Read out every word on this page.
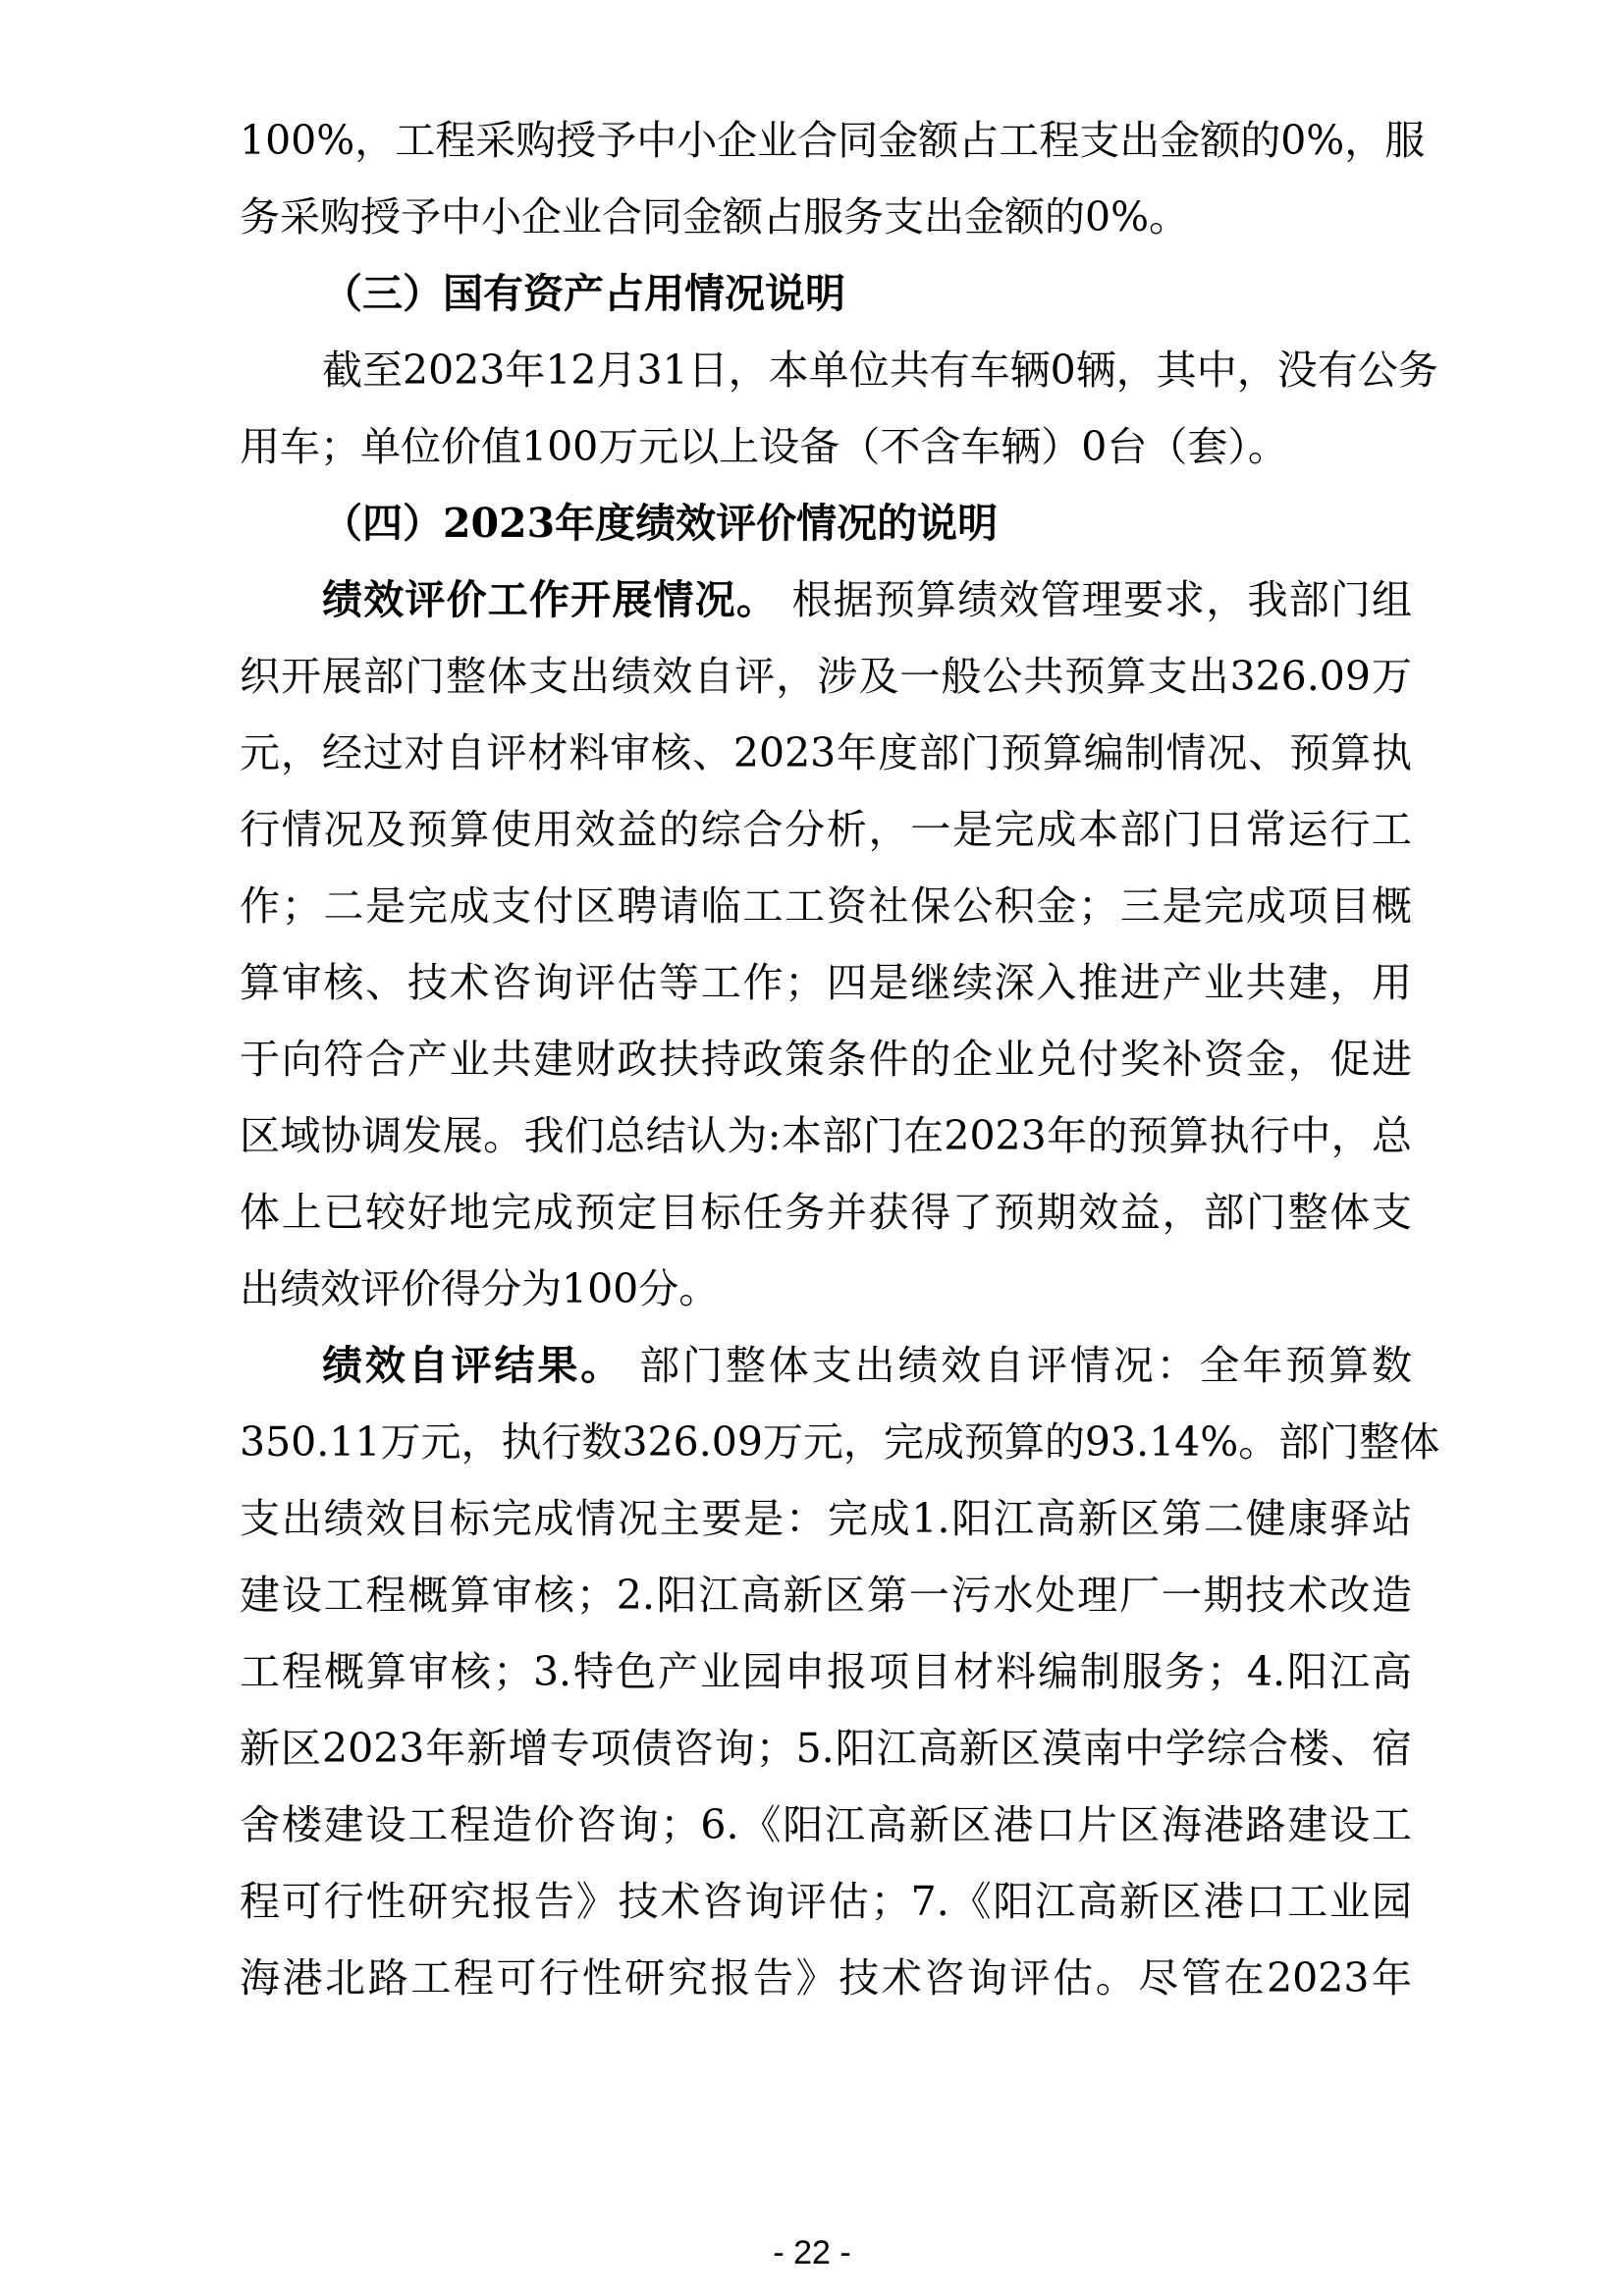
100%，工程采购授予中小企业合同金额占工程支出金额的0%，服
务采购授予中小企业合同金额占服务支出金额的0%。
（三）国有资产占用情况说明
截至2023年12月31日，本单位共有车辆0辆，其中，没有公务
用车；单位价值100万元以上设备（不含车辆）0台（套）。
（四）2023年度绩效评价情况的说明
绩效评价工作开展情况。 根据预算绩效管理要求，我部门组
织开展部门整体支出绩效自评，涉及一般公共预算支出326.09万
元，经过对自评材料审核、2023年度部门预算编制情况、预算执
行情况及预算使用效益的综合分析，一是完成本部门日常运行工
作；二是完成支付区聘请临工工资社保公积金；三是完成项目概
算审核、技术咨询评估等工作；四是继续深入推进产业共建，用
于向符合产业共建财政扶持政策条件的企业兑付奖补资金，促进
区域协调发展。我们总结认为:本部门在2023年的预算执行中，总
体上已较好地完成预定目标任务并获得了预期效益，部门整体支
出绩效评价得分为100分。
绩效自评结果。 部门整体支出绩效自评情况：全年预算数
350.11万元，执行数326.09万元，完成预算的93.14%。部门整体
支出绩效目标完成情况主要是：完成1.阳江高新区第二健康驿站
建设工程概算审核；2.阳江高新区第一污水处理厂一期技术改造
工程概算审核；3.特色产业园申报项目材料编制服务；4.阳江高
新区2023年新增专项债咨询；5.阳江高新区漠南中学综合楼、宿
舍楼建设工程造价咨询；6.《阳江高新区港口片区海港路建设工
程可行性研究报告》技术咨询评估；7.《阳江高新区港口工业园
海港北路工程可行性研究报告》技术咨询评估。尽管在2023年
- 22 -
